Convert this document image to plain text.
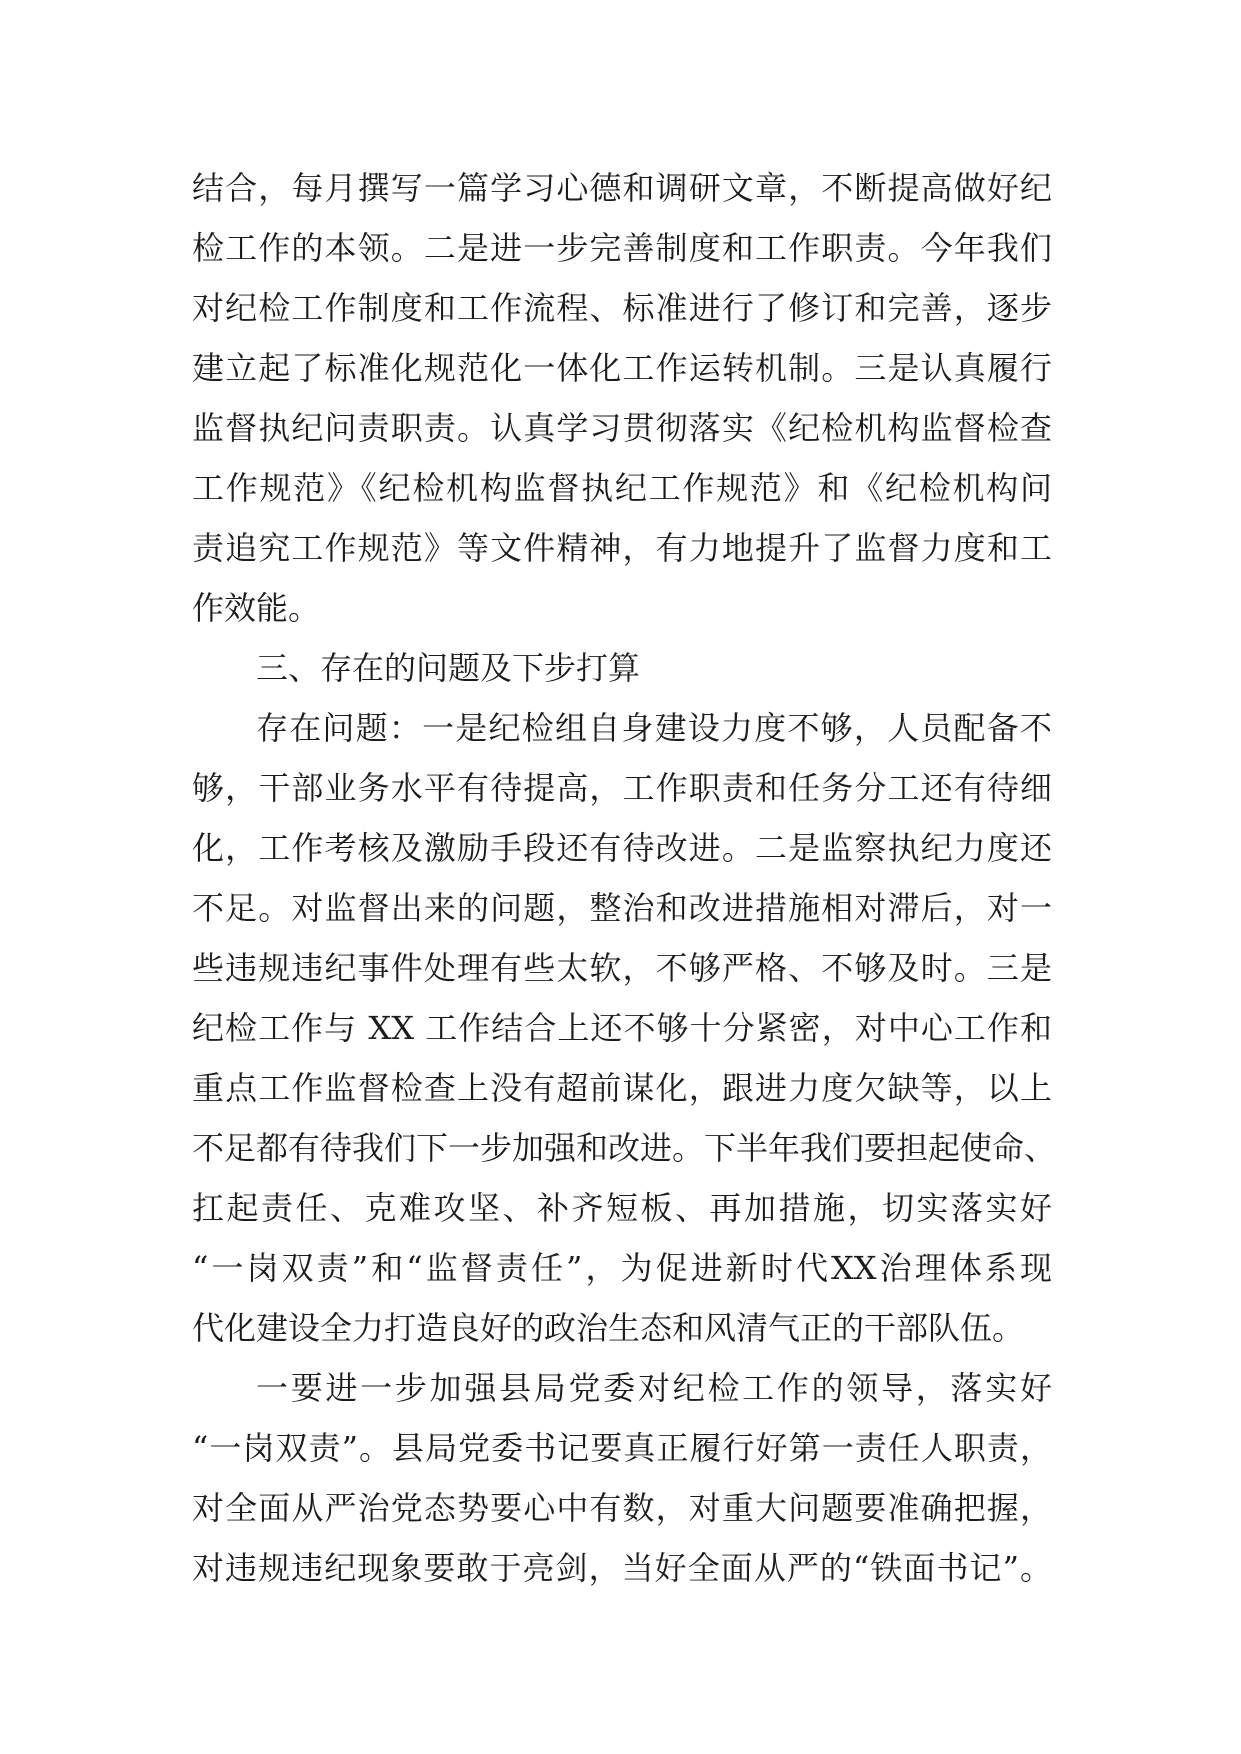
结合，每月撰写一篇学习心德和调研文章，不断提高做好纪
检工作的本领。二是进一步完善制度和工作职责。今年我们
对纪检工作制度和工作流程、标准进行了修订和完善，逐步
建立起了标准化规范化一体化工作运转机制。三是认真履行
监督执纪问责职责。认真学习贯彻落实《纪检机构监督检查
工作规范》《纪检机构监督执纪工作规范》和《纪检机构问
责追究工作规范》等文件精神，有力地提升了监督力度和工
作效能。
三、存在的问题及下步打算
存在问题：一是纪检组自身建设力度不够，人员配备不
够，干部业务水平有待提高，工作职责和任务分工还有待细
化，工作考核及激励手段还有待改进。二是监察执纪力度还
不足。对监督出来的问题，整治和改进措施相对滞后，对一
些违规违纪事件处理有些太软，不够严格、不够及时。三是
纪检工作与 XX 工作结合上还不够十分紧密，对中心工作和
重点工作监督检查上没有超前谋化，跟进力度欠缺等，以上
不足都有待我们下一步加强和改进。下半年我们要担起使命、
扛起责任、克难攻坚、补齐短板、再加措施，切实落实好
“一岗双责”和“监督责任”，为促进新时代XX治理体系现
代化建设全力打造良好的政治生态和风清气正的干部队伍。
一要进一步加强县局党委对纪检工作的领导，落实好
“一岗双责”。县局党委书记要真正履行好第一责任人职责，
对全面从严治党态势要心中有数，对重大问题要准确把握，
对违规违纪现象要敢于亮剑，当好全面从严的“铁面书记”。
